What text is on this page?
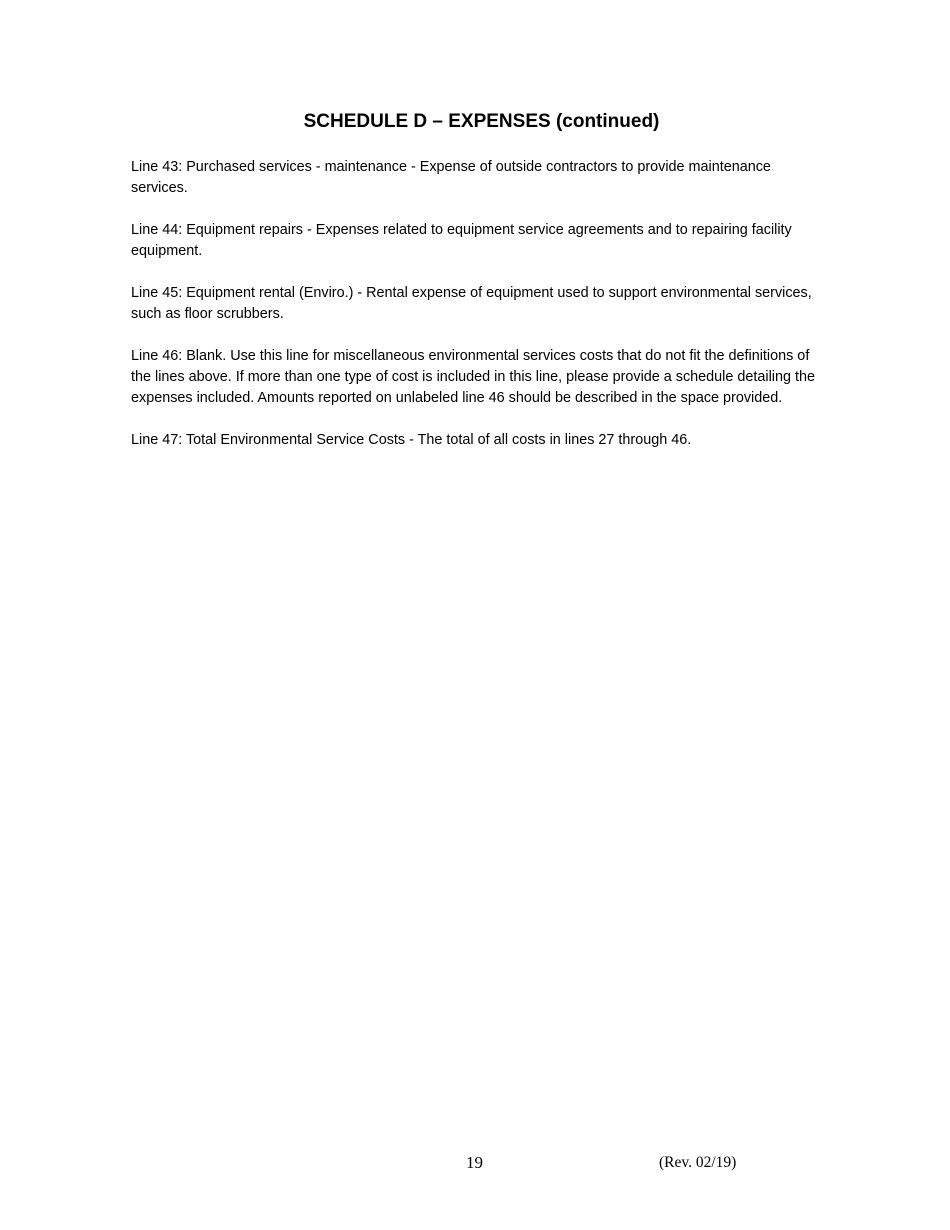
SCHEDULE D – EXPENSES (continued)

Line 43: Purchased services - maintenance - Expense of outside contractors to provide maintenance services.

Line 44: Equipment repairs - Expenses related to equipment service agreements and to repairing facility equipment.

Line 45: Equipment rental (Enviro.) - Rental expense of equipment used to support environmental services, such as floor scrubbers.

Line 46: Blank. Use this line for miscellaneous environmental services costs that do not fit the definitions of the lines above. If more than one type of cost is included in this line, please provide a schedule detailing the expenses included. Amounts reported on unlabeled line 46 should be described in the space provided.

Line 47: Total Environmental Service Costs - The total of all costs in lines 27 through 46.

19	(Rev. 02/19)
